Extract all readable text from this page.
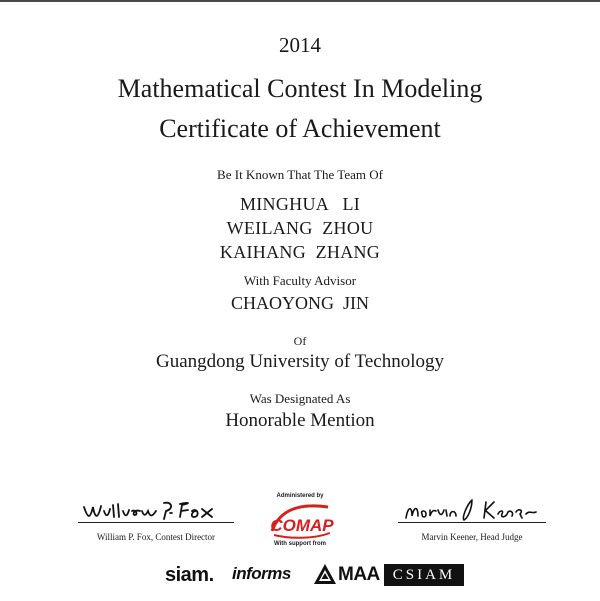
2014
Mathematical Contest In Modeling
Certificate of Achievement
Be It Known That The Team Of
MINGHUA   LI
WEILANG  ZHOU
KAIHANG  ZHANG
With Faculty Advisor
CHAOYONG  JIN
Of
Guangdong University of Technology
Was Designated As
Honorable Mention
William P. Fox, Contest Director	Marvin Keener, Head Judge
Administered by
COMAP
With support from
siam. informs MAA CSIAM
